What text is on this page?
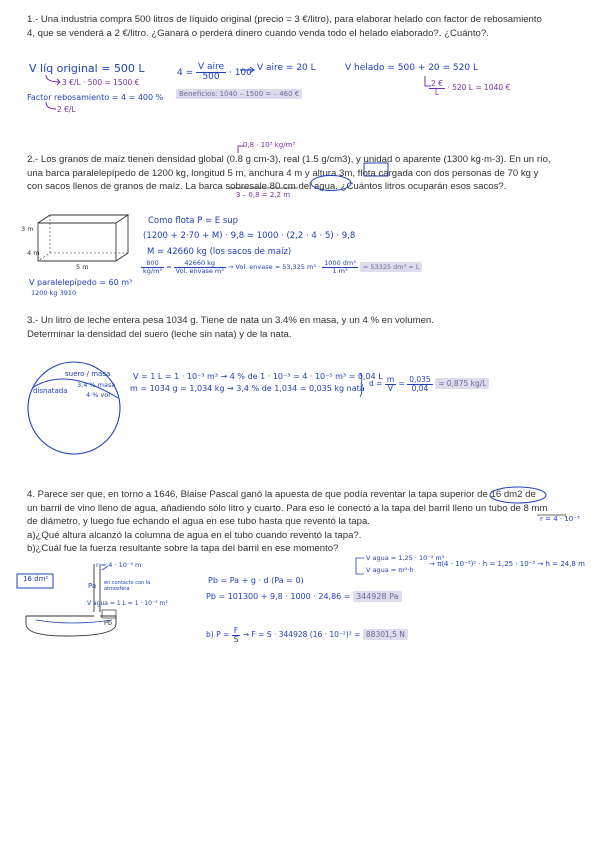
1.- Una industria compra 500 litros de líquido original (precio = 3 €/litro), para elaborar helado con factor de rebosamiento

4, que se venderá a 2 €/litro. ¿Ganará o perderá dinero cuando venda todo el helado elaborado?. ¿Cuánto?.

V líq original = 500 L
3 €/L · 500 = 1500 €
Factor rebosamiento = 4 = 400 %
2 €/L
$4 = \frac{\text{V aire}}{500} \cdot 100$ V aire = 20 L
Beneficios: 1040 – 1500 = – 460 €
V helado = 500 + 20 = 520 L
$\frac{2 €}{L} \cdot 520$ L = 1040 €
0,8 · 10³ kg/m³

2.- Los granos de maíz tienen densidad global (0.8 g cm-3), real (1.5 g/cm3), y unidad o aparente (1300 kg·m-3). En un río,

una barca paralelepípedo de 1200 kg, longitud 5 m, anchura 4 m y altura 3m, flota cargada con dos personas de 70 kg y

con sacos llenos de granos de maíz. La barca sobresale 80 cm del agua. ¿Cuántos litros ocuparán esos sacos?.

3 – 0,8 = 2,2 m
3 m
4 m
5 m
V paralelepípedo = 60 m³
1200 kg 3910
Como flota P = E sup
(1200 + 2·70 + M) · 9,8 = 1000 · (2,2 · 4 · 5) · 9,8
M = 42660 kg (los sacos de maíz)
$\frac{800}{\text{kg/m³}} = \frac{42660 kg}{\text{Vol. envase m³}}$ → Vol. envase = 53,325 $m^3 \cdot \frac{\text{1000 dm³}}{\text{1 m³}} = 53325$ dm³ = L

3.- Un litro de leche entera pesa 1034 g. Tiene de nata un 3.4% en masa, y un 4 % en volumen.

Determinar la densidad del suero (leche sin nata) y de la nata.

suero / masa
3,4 % masa
4 % vol
disnatada
V = 1 L = 1 · 10⁻³ m³ → 4 % de 1 · 10⁻³ = 4 · 10⁻⁵ m³ = 0,04 L
m = 1034 g = 1,034 kg → 3,4 % de 1,034 = 0,035 kg nata
$d = \frac{m}{V} = \frac{0,035}{0,04} = 0,875$ kg/L

4. Parece ser que, en torno a 1646, Blaise Pascal ganó la apuesta de que podía reventar la tapa superior de 16 dm2 de

un barril de vino lleno de agua, añadiendo sólo litro y cuarto. Para eso le conectó a la tapa del barril lleno un tubo de 8 mm

de diámetro, y luego fue echando el agua en ese tubo hasta que reventó la tapa.

a)¿Qué altura alcanzó la columna de agua en el tubo cuando reventó la tapa?.

b)¿Cuál fue la fuerza resultante sobre la tapa del barril en ese momento?

r = 4 · 10⁻³
16 dm²
r = 4 · 10⁻³ m
Pa en contacto con la atmósfera
V agua = 1 L = 1 · 10⁻³ m³
Pb
V agua = 1,25 · 10⁻³ m³
V agua = πr²·h
→ π(4 · 10⁻³)² · h = 1,25 · 10⁻³ → h = 24,8 m
Pb = Pa + g · d (Pa = 0)
Pb = 101300 + 9,8 · 1000 · 24,86 = 344928 Pa
b) $P = \frac{F}{S} \to F = S \cdot 344928$ (16 · 10⁻²)² = 88301,5 N
